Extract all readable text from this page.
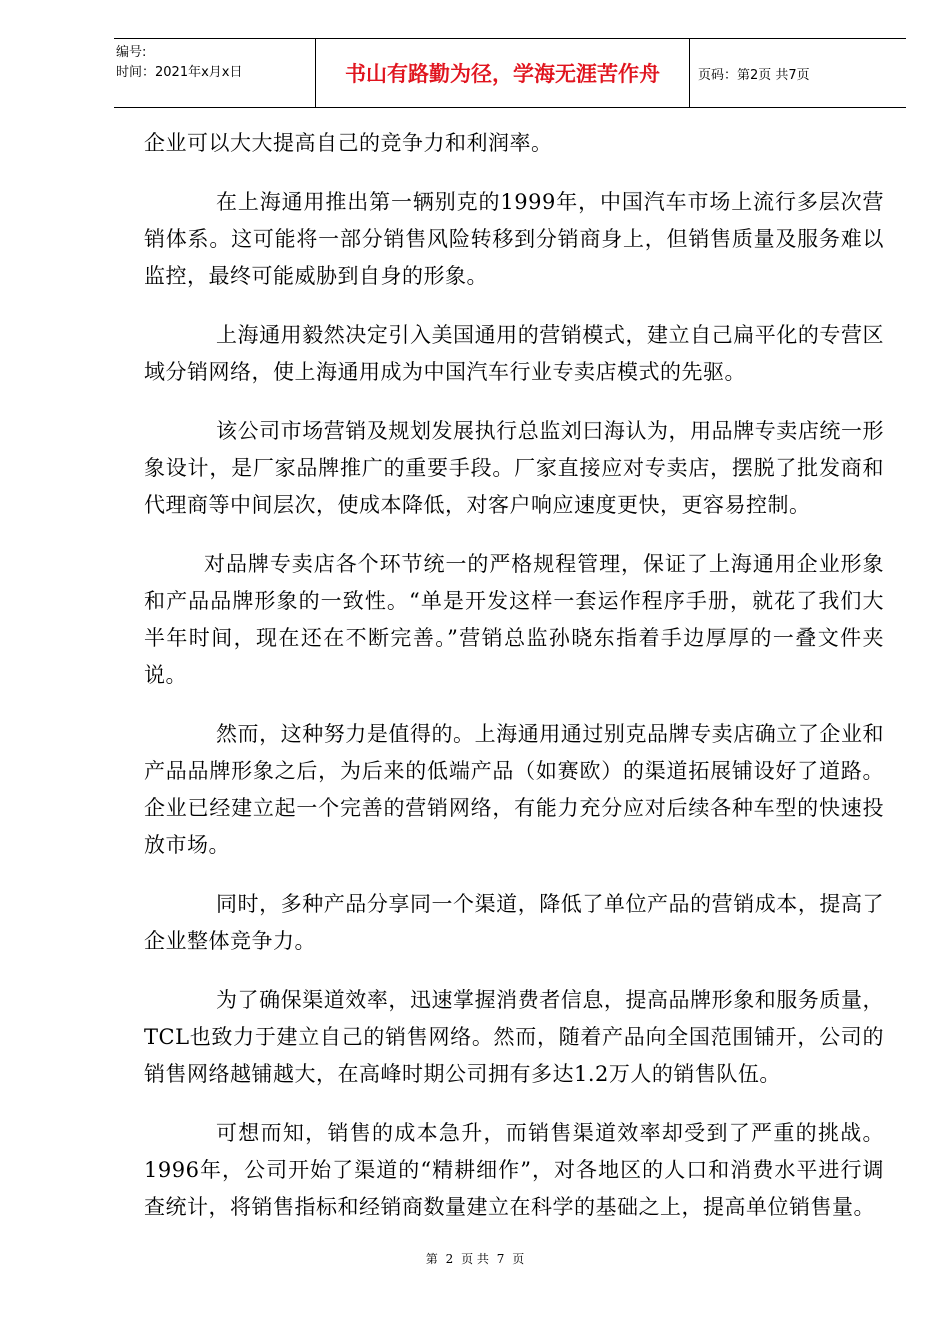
编号:
时间：2021年x月x日	书山有路勤为径，学海无涯苦作舟	页码：第2页 共7页

企业可以大大提高自己的竞争力和利润率。

在上海通用推出第一辆别克的1999年，中国汽车市场上流行多层次营销体系。这可能将一部分销售风险转移到分销商身上，但销售质量及服务难以监控，最终可能威胁到自身的形象。

上海通用毅然决定引入美国通用的营销模式，建立自己扁平化的专营区域分销网络，使上海通用成为中国汽车行业专卖店模式的先驱。

该公司市场营销及规划发展执行总监刘曰海认为，用品牌专卖店统一形象设计，是厂家品牌推广的重要手段。厂家直接应对专卖店，摆脱了批发商和代理商等中间层次，使成本降低，对客户响应速度更快，更容易控制。

对品牌专卖店各个环节统一的严格规程管理，保证了上海通用企业形象和产品品牌形象的一致性。“单是开发这样一套运作程序手册，就花了我们大半年时间，现在还在不断完善。”营销总监孙晓东指着手边厚厚的一叠文件夹说。

然而，这种努力是值得的。上海通用通过别克品牌专卖店确立了企业和产品品牌形象之后，为后来的低端产品（如赛欧）的渠道拓展铺设好了道路。企业已经建立起一个完善的营销网络，有能力充分应对后续各种车型的快速投放市场。

同时，多种产品分享同一个渠道，降低了单位产品的营销成本，提高了企业整体竞争力。

为了确保渠道效率，迅速掌握消费者信息，提高品牌形象和服务质量，TCL也致力于建立自己的销售网络。然而，随着产品向全国范围铺开，公司的销售网络越铺越大，在高峰时期公司拥有多达1.2万人的销售队伍。

可想而知，销售的成本急升，而销售渠道效率却受到了严重的挑战。1996年，公司开始了渠道的“精耕细作”，对各地区的人口和消费水平进行调查统计，将销售指标和经销商数量建立在科学的基础之上，提高单位销售量。

第 2 页 共 7 页
